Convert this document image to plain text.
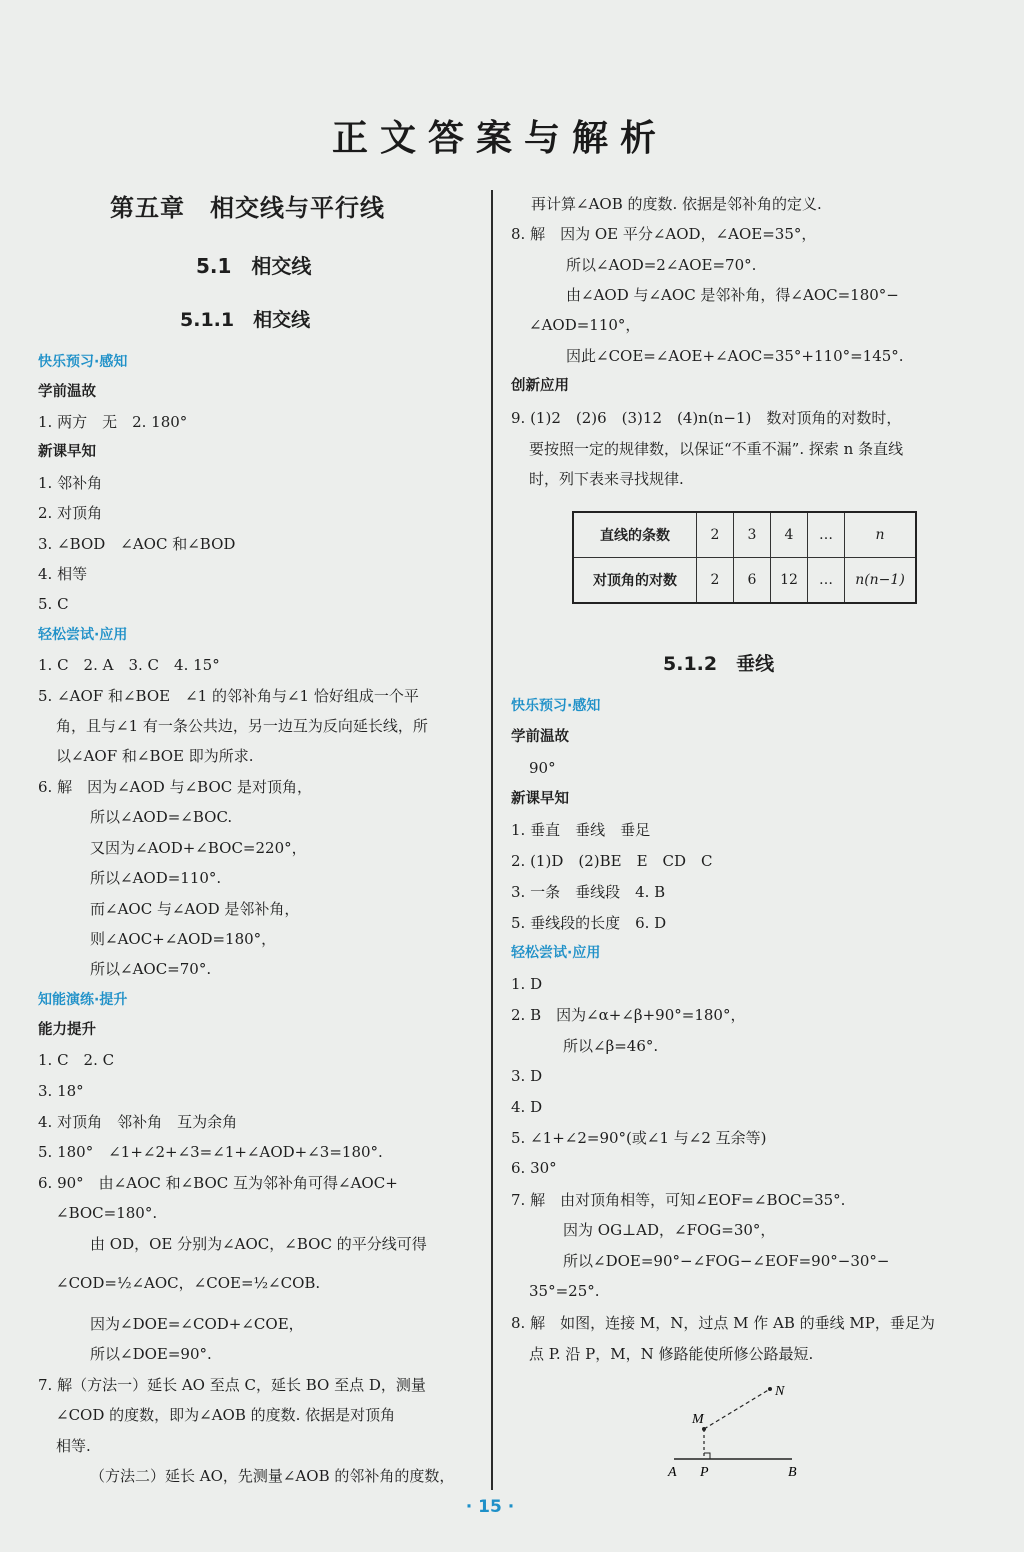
正文答案与解析
第五章　相交线与平行线
5.1　相交线
5.1.1　相交线
快乐预习·感知
学前温故
1. 两方　无　2. 180°
新课早知
1. 邻补角
2. 对顶角
3. ∠BOD　∠AOC 和∠BOD
4. 相等
5. C
轻松尝试·应用
1. C　2. A　3. C　4. 15°
5. ∠AOF 和∠BOE　∠1 的邻补角与∠1 恰好组成一个平
角，且与∠1 有一条公共边，另一边互为反向延长线，所
以∠AOF 和∠BOE 即为所求.
6. 解　因为∠AOD 与∠BOC 是对顶角，
所以∠AOD=∠BOC.
又因为∠AOD+∠BOC=220°，
所以∠AOD=110°.
而∠AOC 与∠AOD 是邻补角，
则∠AOC+∠AOD=180°，
所以∠AOC=70°.
知能演练·提升
能力提升
1. C　2. C
3. 18°
4. 对顶角　邻补角　互为余角
5. 180°　∠1+∠2+∠3=∠1+∠AOD+∠3=180°.
6. 90°　由∠AOC 和∠BOC 互为邻补角可得∠AOC+
∠BOC=180°.
由 OD，OE 分别为∠AOC，∠BOC 的平分线可得
∠COD=½∠AOC，∠COE=½∠COB.
因为∠DOE=∠COD+∠COE，
所以∠DOE=90°.
7. 解（方法一）延长 AO 至点 C，延长 BO 至点 D，测量
∠COD 的度数，即为∠AOB 的度数. 依据是对顶角
相等.
（方法二）延长 AO，先测量∠AOB 的邻补角的度数，
再计算∠AOB 的度数. 依据是邻补角的定义.
8. 解　因为 OE 平分∠AOD，∠AOE=35°，
所以∠AOD=2∠AOE=70°.
由∠AOD 与∠AOC 是邻补角，得∠AOC=180°−
∠AOD=110°，
因此∠COE=∠AOE+∠AOC=35°+110°=145°.
创新应用
9. (1)2　(2)6　(3)12　(4)n(n−1)　数对顶角的对数时，
要按照一定的规律数，以保证“不重不漏”. 探索 n 条直线
时，列下表来寻找规律.
5.1.2　垂线
快乐预习·感知
学前温故
90°
新课早知
1. 垂直　垂线　垂足
2. (1)D　(2)BE　E　CD　C
3. 一条　垂线段　4. B
5. 垂线段的长度　6. D
轻松尝试·应用
1. D
2. B　因为∠α+∠β+90°=180°，
所以∠β=46°.
3. D
4. D
5. ∠1+∠2=90°(或∠1 与∠2 互余等)
6. 30°
7. 解　由对顶角相等，可知∠EOF=∠BOC=35°.
因为 OG⊥AD，∠FOG=30°，
所以∠DOE=90°−∠FOG−∠EOF=90°−30°−
35°=25°.
8. 解　如图，连接 M，N，过点 M 作 AB 的垂线 MP，垂足为
点 P. 沿 P，M，N 修路能使所修公路最短.
直线的条数	2	3	4	…	n
对顶角的对数	2	6	12	…	n(n−1)
M
N
A P	B
· 15 ·
